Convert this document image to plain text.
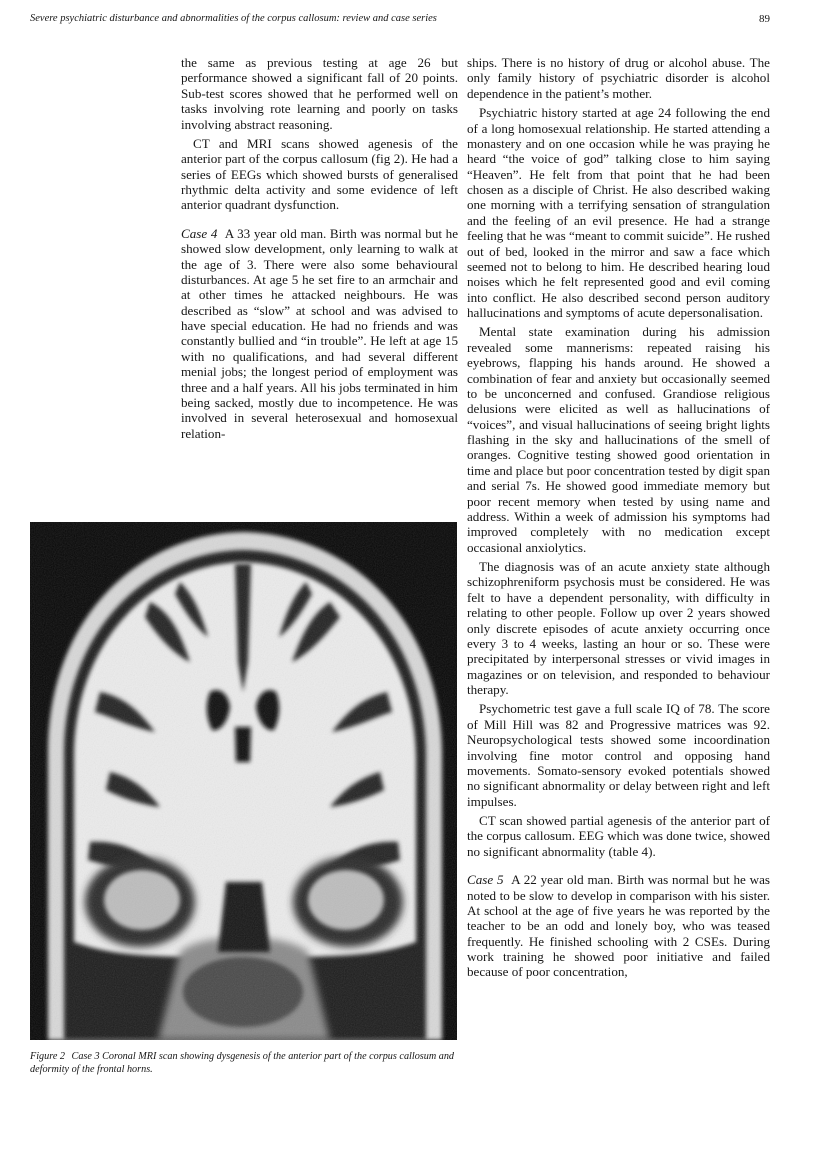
Severe psychiatric disturbance and abnormalities of the corpus callosum: review and case series	89

the same as previous testing at age 26 but performance showed a significant fall of 20 points. Sub-test scores showed that he performed well on tasks involving rote learning and poorly on tasks involving abstract reasoning.

CT and MRI scans showed agenesis of the anterior part of the corpus callosum (fig 2). He had a series of EEGs which showed bursts of generalised rhythmic delta activity and some evidence of left anterior quadrant dysfunction.

Case 4 A 33 year old man. Birth was normal but he showed slow development, only learning to walk at the age of 3. There were also some behavioural disturbances. At age 5 he set fire to an armchair and at other times he attacked neighbours. He was described as “slow” at school and was advised to have special education. He had no friends and was constantly bullied and “in trouble”. He left at age 15 with no qualifications, and had several different menial jobs; the longest period of employment was three and a half years. All his jobs terminated in him being sacked, mostly due to incompetence. He was involved in several heterosexual and homosexual relation-

ships. There is no history of drug or alcohol abuse. The only family history of psychiatric disorder is alcohol dependence in the patient’s mother.

Psychiatric history started at age 24 following the end of a long homosexual relationship. He started attending a monastery and on one occasion while he was praying he heard “the voice of god” talking close to him saying “Heaven”. He felt from that point that he had been chosen as a disciple of Christ. He also described waking one morning with a terrifying sensation of strangulation and the feeling of an evil presence. He had a strange feeling that he was “meant to commit suicide”. He rushed out of bed, looked in the mirror and saw a face which seemed not to belong to him. He described hearing loud noises which he felt represented good and evil coming into conflict. He also described second person auditory hallucinations and symptoms of acute depersonalisation.

Mental state examination during his admission revealed some mannerisms: repeated raising his eyebrows, flapping his hands around. He showed a combination of fear and anxiety but occasionally seemed to be unconcerned and confused. Grandiose religious delusions were elicited as well as hallucinations of “voices”, and visual hallucinations of seeing bright lights flashing in the sky and hallucinations of the smell of oranges. Cognitive testing showed good orientation in time and place but poor concentration tested by digit span and serial 7s. He showed good immediate memory but poor recent memory when tested by using name and address. Within a week of admission his symptoms had improved completely with no medication except occasional anxiolytics.

The diagnosis was of an acute anxiety state although schizophreniform psychosis must be considered. He was felt to have a dependent personality, with difficulty in relating to other people. Follow up over 2 years showed only discrete episodes of acute anxiety occurring once every 3 to 4 weeks, lasting an hour or so. These were precipitated by interpersonal stresses or vivid images in magazines or on television, and responded to behaviour therapy.

Psychometric test gave a full scale IQ of 78. The score of Mill Hill was 82 and Progressive matrices was 92. Neuropsychological tests showed some incoordination involving fine motor control and opposing hand movements. Somato-sensory evoked potentials showed no significant abnormality or delay between right and left impulses.

CT scan showed partial agenesis of the anterior part of the corpus callosum. EEG which was done twice, showed no significant abnormality (table 4).

Case 5 A 22 year old man. Birth was normal but he was noted to be slow to develop in comparison with his sister. At school at the age of five years he was reported by the teacher to be an odd and lonely boy, who was teased frequently. He finished schooling with 2 CSEs. During work training he showed poor initiative and failed because of poor concentration,

Figure 2 Case 3 Coronal MRI scan showing dysgenesis of the anterior part of the corpus callosum and deformity of the frontal horns.
